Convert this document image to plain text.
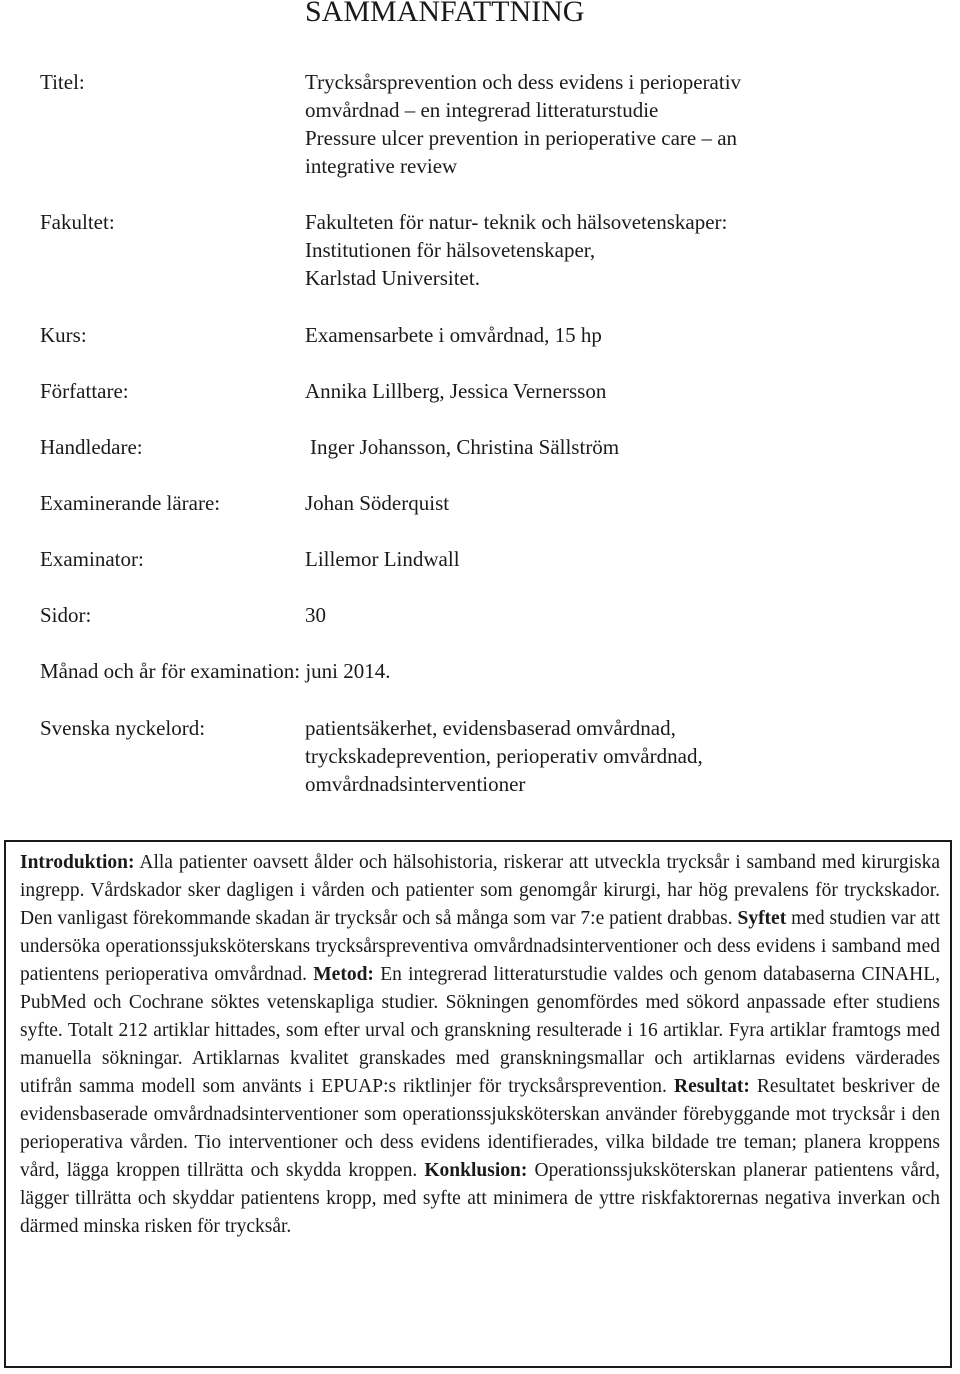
SAMMANFATTNING
Titel:	Trycksårsprevention och dess evidens i perioperativ
omvårdnad – en integrerad litteraturstudie
Pressure ulcer prevention in perioperative care – an
integrative review
Fakultet:	Fakulteten för natur- teknik och hälsovetenskaper:
Institutionen för hälsovetenskaper,
Karlstad Universitet.
Kurs:	Examensarbete i omvårdnad, 15 hp
Författare:	Annika Lillberg, Jessica Vernersson
Handledare:	Inger Johansson, Christina Sällström
Examinerande lärare:	Johan Söderquist
Examinator:	Lillemor Lindwall
Sidor:	30
Månad och år för examination: juni 2014.
Svenska nyckelord:	patientsäkerhet, evidensbaserad omvårdnad,
tryckskadeprevention, perioperativ omvårdnad,
omvårdnadsinterventioner

Introduktion: Alla patienter oavsett ålder och hälsohistoria, riskerar att utveckla trycksår i samband med kirurgiska ingrepp. Vårdskador sker dagligen i vården och patienter som genomgår kirurgi, har hög prevalens för tryckskador. Den vanligast förekommande skadan är trycksår och så många som var 7:e patient drabbas. Syftet med studien var att undersöka operationssjuksköterskans trycksårspreventiva omvårdnadsinterventioner och dess evidens i samband med patientens perioperativa omvårdnad. Metod: En integrerad litteraturstudie valdes och genom databaserna CINAHL, PubMed och Cochrane söktes vetenskapliga studier. Sökningen genomfördes med sökord anpassade efter studiens syfte. Totalt 212 artiklar hittades, som efter urval och granskning resulterade i 16 artiklar. Fyra artiklar framtogs med manuella sökningar. Artiklarnas kvalitet granskades med granskningsmallar och artiklarnas evidens värderades utifrån samma modell som använts i EPUAP:s riktlinjer för trycksårsprevention. Resultat: Resultatet beskriver de evidensbaserade omvårdnadsinterventioner som operationssjuksköterskan använder förebyggande mot trycksår i den perioperativa vården. Tio interventioner och dess evidens identifierades, vilka bildade tre teman; planera kroppens vård, lägga kroppen tillrätta och skydda kroppen. Konklusion: Operationssjuksköterskan planerar patientens vård, lägger tillrätta och skyddar patientens kropp, med syfte att minimera de yttre riskfaktorernas negativa inverkan och därmed minska risken för trycksår.
